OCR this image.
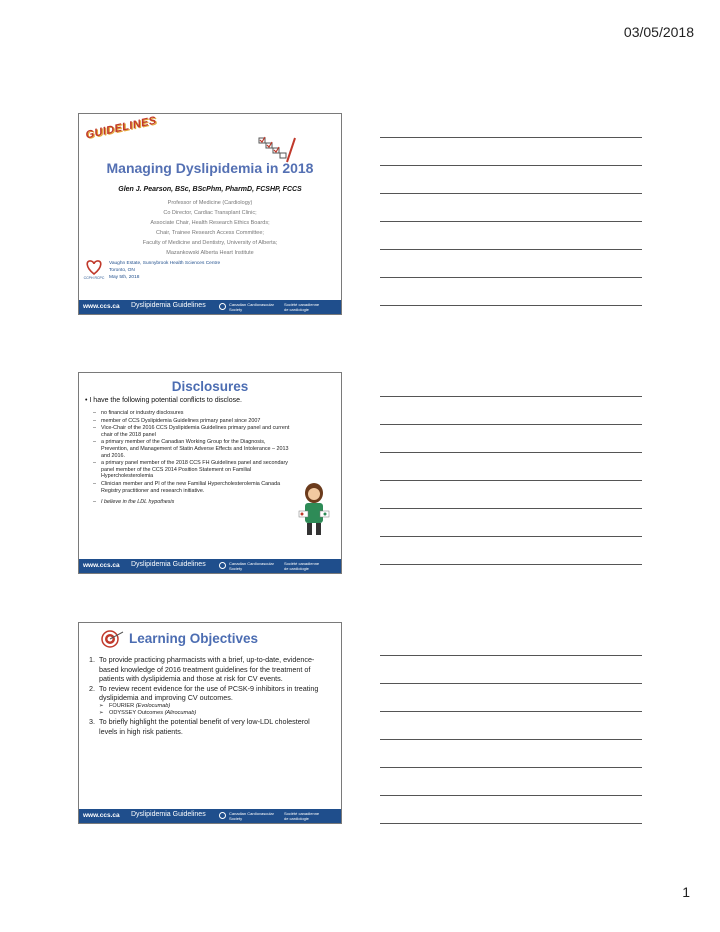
03/05/2018
GUIDELINES
Managing Dyslipidemia in 2018
Glen J. Pearson, BSc, BScPhm, PharmD, FCSHP, FCCS
Professor of Medicine (Cardiology)
Co Director, Cardiac Transplant Clinic;
Associate Chair, Health Research Ethics Boards;
Chair, Trainee Research Access Committee;
Faculty of Medicine and Dentistry, University of Alberta;
Mazankowski Alberta Heart Institute
CCPH RCPC
Vaughn Estate, Sunnybrook Health Sciences Centre
Toronto, ON
May 5th, 2018
www.ccs.ca Dyslipidemia Guidelines	Canadian Cardiovascular
Society
Société canadienne
de cardiologie
Disclosures
• I have the following potential conflicts to disclose.
– no financial or industry disclosures
– member of CCS Dyslipidemia Guidelines primary panel since 2007
– Vice-Chair of the 2016 CCS Dyslipidemia Guidelines primary panel and current chair of the 2018 panel
– a primary member of the Canadian Working Group for the Diagnosis, Prevention, and Management of Statin Adverse Effects and Intolerance – 2013 and 2016.
– a primary panel member of the 2018 CCS FH Guidelines panel and secondary panel member of the CCS 2014 Position Statement on Familial Hypercholesterolemia
– Clinician member and PI of the new Familial Hypercholesterolemia Canada Registry practitioner and research initiative.
– I believe in the LDL hypothesis
www.ccs.ca Dyslipidemia Guidelines	Canadian Cardiovascular
Society
Société canadienne
de cardiologie
Learning Objectives
1. To provide practicing pharmacists with a brief, up-to-date, evidence-based knowledge of 2016 treatment guidelines for the treatment of patients with dyslipidemia and those at risk for CV events.
2. To review recent evidence for the use of PCSK-9 inhibitors in treating dyslipidemia and improving CV outcomes.
➢ FOURIER (Evolocumab)
➢ ODYSSEY Outcomes (Alirocumab)
3. To briefly highlight the potential benefit of very low-LDL cholesterol levels in high risk patients.
www.ccs.ca Dyslipidemia Guidelines	Canadian Cardiovascular
Society
Société canadienne
de cardiologie
1
